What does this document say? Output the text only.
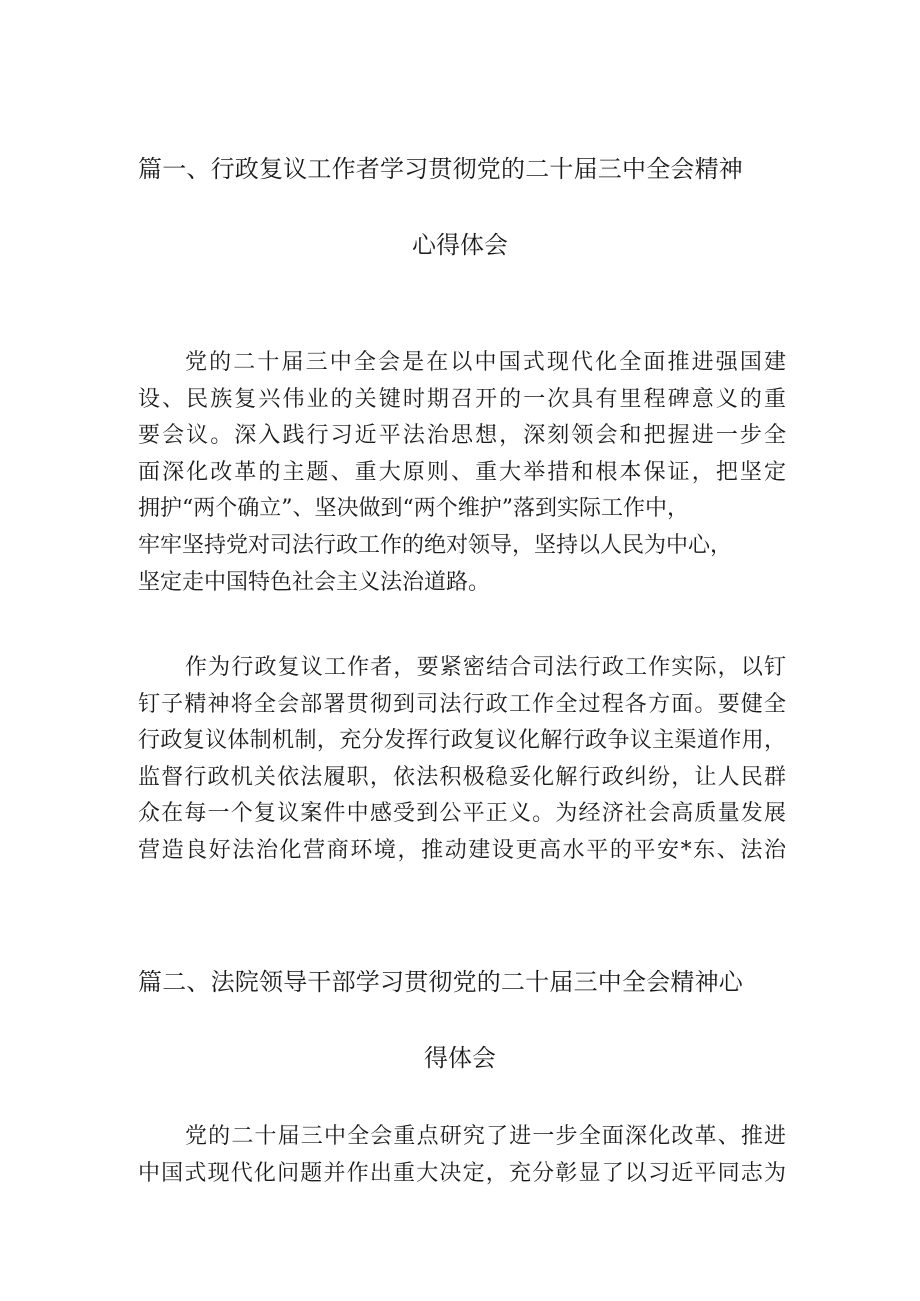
篇一、行政复议工作者学习贯彻党的二十届三中全会精神
心得体会
党的二十届三中全会是在以中国式现代化全面推进强国建
设、民族复兴伟业的关键时期召开的一次具有里程碑意义的重
要会议。深入践行习近平法治思想，深刻领会和把握进一步全
面深化改革的主题、重大原则、重大举措和根本保证，把坚定
拥护“两个确立”、坚决做到“两个维护”落到实际工作中，
牢牢坚持党对司法行政工作的绝对领导，坚持以人民为中心，
坚定走中国特色社会主义法治道路。
作为行政复议工作者，要紧密结合司法行政工作实际，以钉
钉子精神将全会部署贯彻到司法行政工作全过程各方面。要健全
行政复议体制机制，充分发挥行政复议化解行政争议主渠道作用，
监督行政机关依法履职，依法积极稳妥化解行政纠纷，让人民群
众在每一个复议案件中感受到公平正义。为经济社会高质量发展
营造良好法治化营商环境，推动建设更高水平的平安*东、法治
篇二、法院领导干部学习贯彻党的二十届三中全会精神心
得体会
党的二十届三中全会重点研究了进一步全面深化改革、推进
中国式现代化问题并作出重大决定，充分彰显了以习近平同志为
